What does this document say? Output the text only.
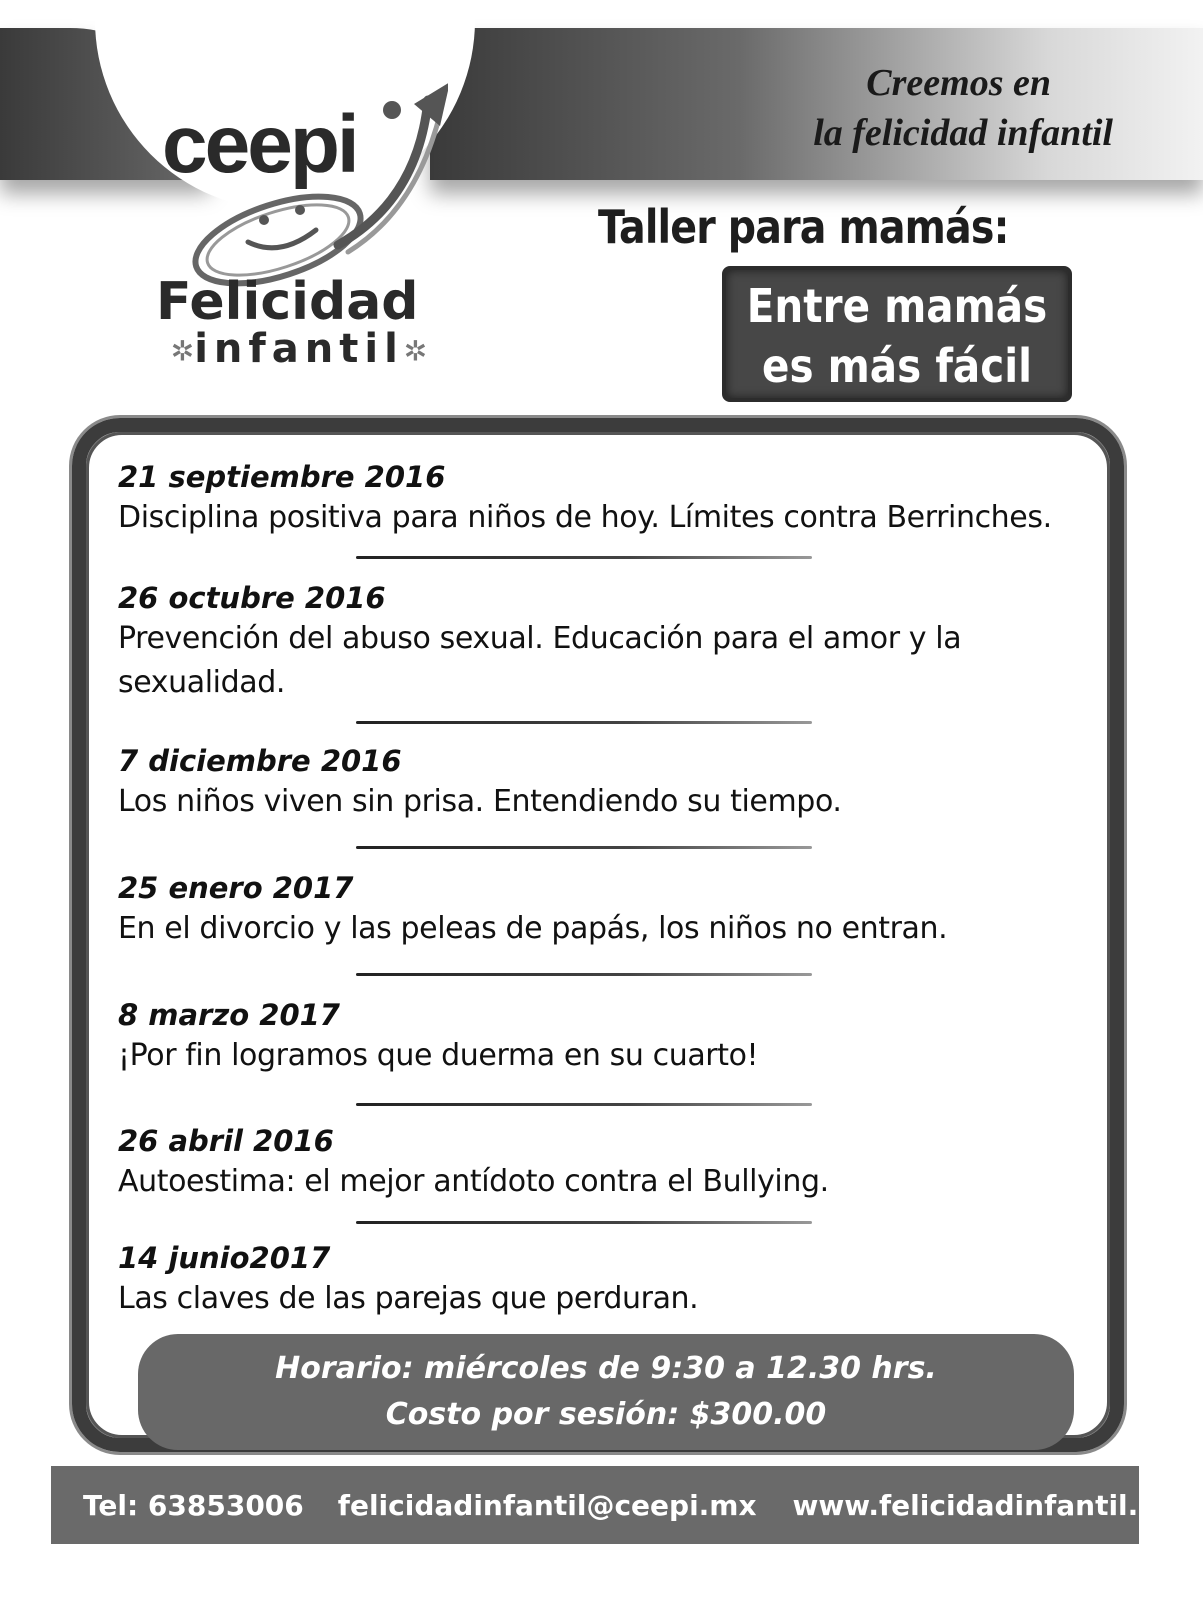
Creemos en
la felicidad infantil
ceepi
Felicidad
✲infantil✲
Taller para mamás:
Entre mamás
es más fácil
21 septiembre 2016
Disciplina positiva para niños de hoy. Límites contra Berrinches.
26 octubre 2016
Prevención del abuso sexual. Educación para el amor y la sexualidad.
7 diciembre 2016
Los niños viven sin prisa. Entendiendo su tiempo.
25 enero 2017
En el divorcio y las peleas de papás, los niños no entran.
8 marzo 2017
¡Por fin logramos que duerma en su cuarto!
26 abril 2016
Autoestima: el mejor antídoto contra el Bullying.
14 junio2017
Las claves de las parejas que perduran.
Horario: miércoles de 9:30 a 12.30 hrs.
Costo por sesión: $300.00
Tel: 63853006 felicidadinfantil@ceepi.mx www.felicidadinfantil.com
